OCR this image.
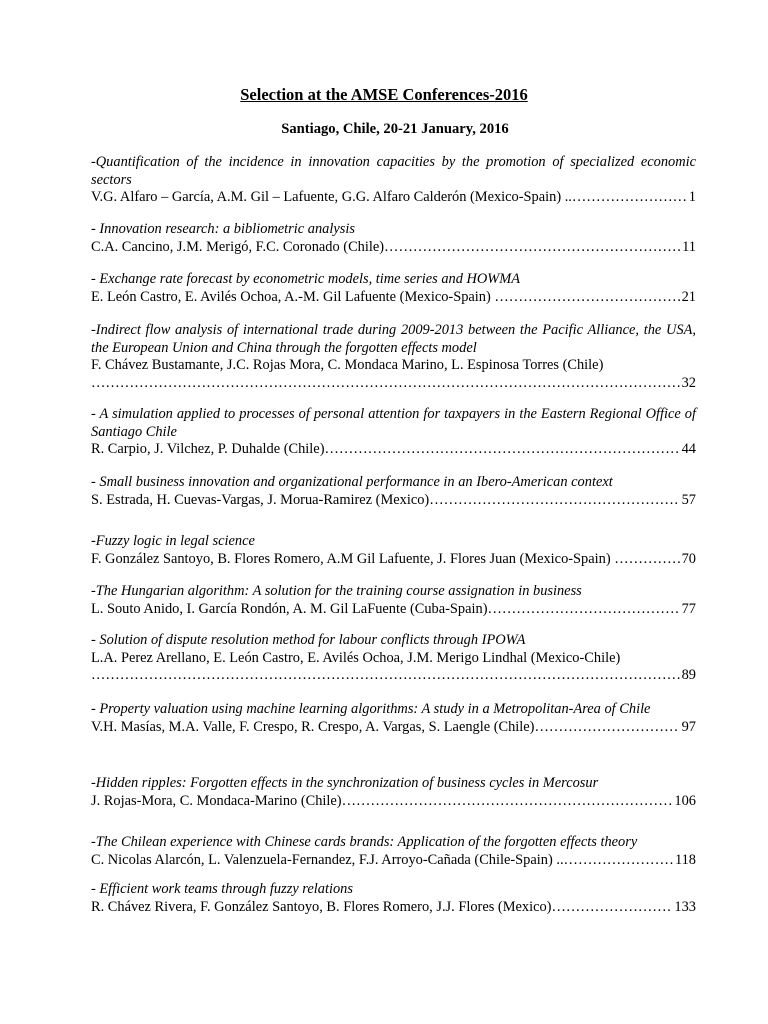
Selection at the AMSE Conferences-2016

Santiago, Chile, 20-21 January, 2016

-Quantification of the incidence in innovation capacities by the promotion of specialized economic sectors
V.G. Alfaro – García, A.M. Gil – Lafuente, G.G. Alfaro Calderón (Mexico-Spain) .. …………………………………………………………………………………………………………………………………………………………………………	1
- Innovation research: a bibliometric analysis
C.A. Cancino, J.M. Merigó, F.C. Coronado (Chile) …………………………………………………………………………………………………………………………………………………………………………	11
- Exchange rate forecast by econometric models, time series and HOWMA
E. León Castro, E. Avilés Ochoa, A.-M. Gil Lafuente (Mexico-Spain) …… …………………………………………………………………………………………………………………………………………………………………………	21
-Indirect flow analysis of international trade during 2009-2013 between the Pacific Alliance, the USA, the European Union and China through the forgotten effects model
F. Chávez Bustamante, J.C. Rojas Mora, C. Mondaca Marino, L. Espinosa Torres (Chile)
…………………………………………………………………………………………………………………………………………………………………………
32
- A simulation applied to processes of personal attention for taxpayers in the Eastern Regional Office of Santiago Chile
R. Carpio, J. Vilchez, P. Duhalde (Chile) …………………………………………………………………………………………………………………………………………………………………………	44
- Small business innovation and organizational performance in an Ibero-American context
S. Estrada, H. Cuevas-Vargas, J. Morua-Ramirez (Mexico) …………………………………………………………………………………………………………………………………………………………………………	57
-Fuzzy logic in legal science
F. González Santoyo, B. Flores Romero, A.M Gil Lafuente, J. Flores Juan (Mexico-Spain) … …………………………………………………………………………………………………………………………………………………………………………	70
-The Hungarian algorithm: A solution for the training course assignation in business
L. Souto Anido, I. García Rondón, A. M. Gil LaFuente (Cuba-Spain) …………………………………………………………………………………………………………………………………………………………………………	77
- Solution of dispute resolution method for labour conflicts through IPOWA
L.A. Perez Arellano, E. León Castro, E. Avilés Ochoa, J.M. Merigo Lindhal (Mexico-Chile)
…………………………………………………………………………………………………………………………………………………………………………
89
- Property valuation using machine learning algorithms: A study in a Metropolitan-Area of Chile
V.H. Masías, M.A. Valle, F. Crespo, R. Crespo, A. Vargas, S. Laengle (Chile) …………………………………………………………………………………………………………………………………………………………………………	97
-Hidden ripples: Forgotten effects in the synchronization of business cycles in Mercosur
J. Rojas-Mora, C. Mondaca-Marino (Chile) …………………………………………………………………………………………………………………………………………………………………………	106
-The Chilean experience with Chinese cards brands: Application of the forgotten effects theory
C. Nicolas Alarcón, L. Valenzuela-Fernandez, F.J. Arroyo-Cañada (Chile-Spain) .. …………………………………………………………………………………………………………………………………………………………………………	118
- Efficient work teams through fuzzy relations
R. Chávez Rivera, F. González Santoyo, B. Flores Romero, J.J. Flores (Mexico) …………………………………………………………………………………………………………………………………………………………………………	133
